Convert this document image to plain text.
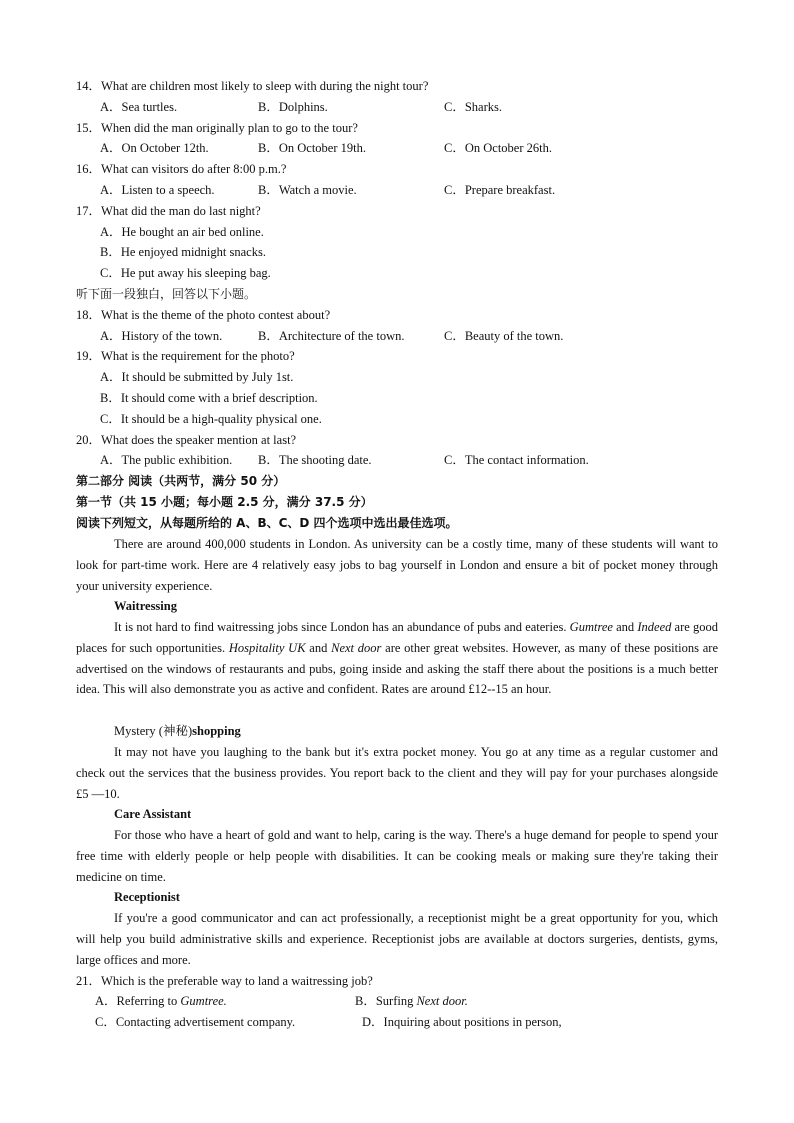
14．What are children most likely to sleep with during the night tour?
A．Sea turtles.	B．Dolphins.	C．Sharks.
15．When did the man originally plan to go to the tour?
A．On October 12th.	B．On October 19th.	C．On October 26th.
16．What can visitors do after 8:00 p.m.?
A．Listen to a speech.	B．Watch a movie.	C．Prepare breakfast.
17．What did the man do last night?
A．He bought an air bed online.
B．He enjoyed midnight snacks.
C．He put away his sleeping bag.
听下面一段独白，回答以下小题。
18．What is the theme of the photo contest about?
A．History of the town.	B．Architecture of the town.	C．Beauty of the town.
19．What is the requirement for the photo?
A．It should be submitted by July 1st.
B．It should come with a brief description.
C．It should be a high-quality physical one.
20．What does the speaker mention at last?
A．The public exhibition. B．The shooting date.	C．The contact information.
第二部分 阅读（共两节，满分 50 分）
第一节（共 15 小题；每小题 2.5 分，满分 37.5 分）
阅读下列短文，从每题所给的 A、B、C、D 四个选项中选出最佳选项。
There are around 400,000 students in London. As university can be a costly time, many of these students will want to look for part-time work. Here are 4 relatively easy jobs to bag yourself in London and ensure a bit of pocket money through your university experience.
Waitressing
It is not hard to find waitressing jobs since London has an abundance of pubs and eateries. Gumtree and Indeed are good places for such opportunities. Hospitality UK and Next door are other great websites. However, as many of these positions are advertised on the windows of restaurants and pubs, going inside and asking the staff there about the positions is a much better idea. This will also demonstrate you as active and confident. Rates are around £12--15 an hour.
Mystery (神秘)shopping
It may not have you laughing to the bank but it's extra pocket money. You go at any time as a regular customer and check out the services that the business provides. You report back to the client and they will pay for your purchases alongside £5 —10.
Care Assistant
For those who have a heart of gold and want to help, caring is the way. There's a huge demand for people to spend your free time with elderly people or help people with disabilities. It can be cooking meals or making sure they're taking their medicine on time.
Receptionist
If you're a good communicator and can act professionally, a receptionist might be a great opportunity for you, which will help you build administrative skills and experience. Receptionist jobs are available at doctors surgeries, dentists, gyms, large offices and more.
21．Which is the preferable way to land a waitressing job?
A．Referring to Gumtree.	B．Surfing Next door.
C．Contacting advertisement company.	D．Inquiring about positions in person,
